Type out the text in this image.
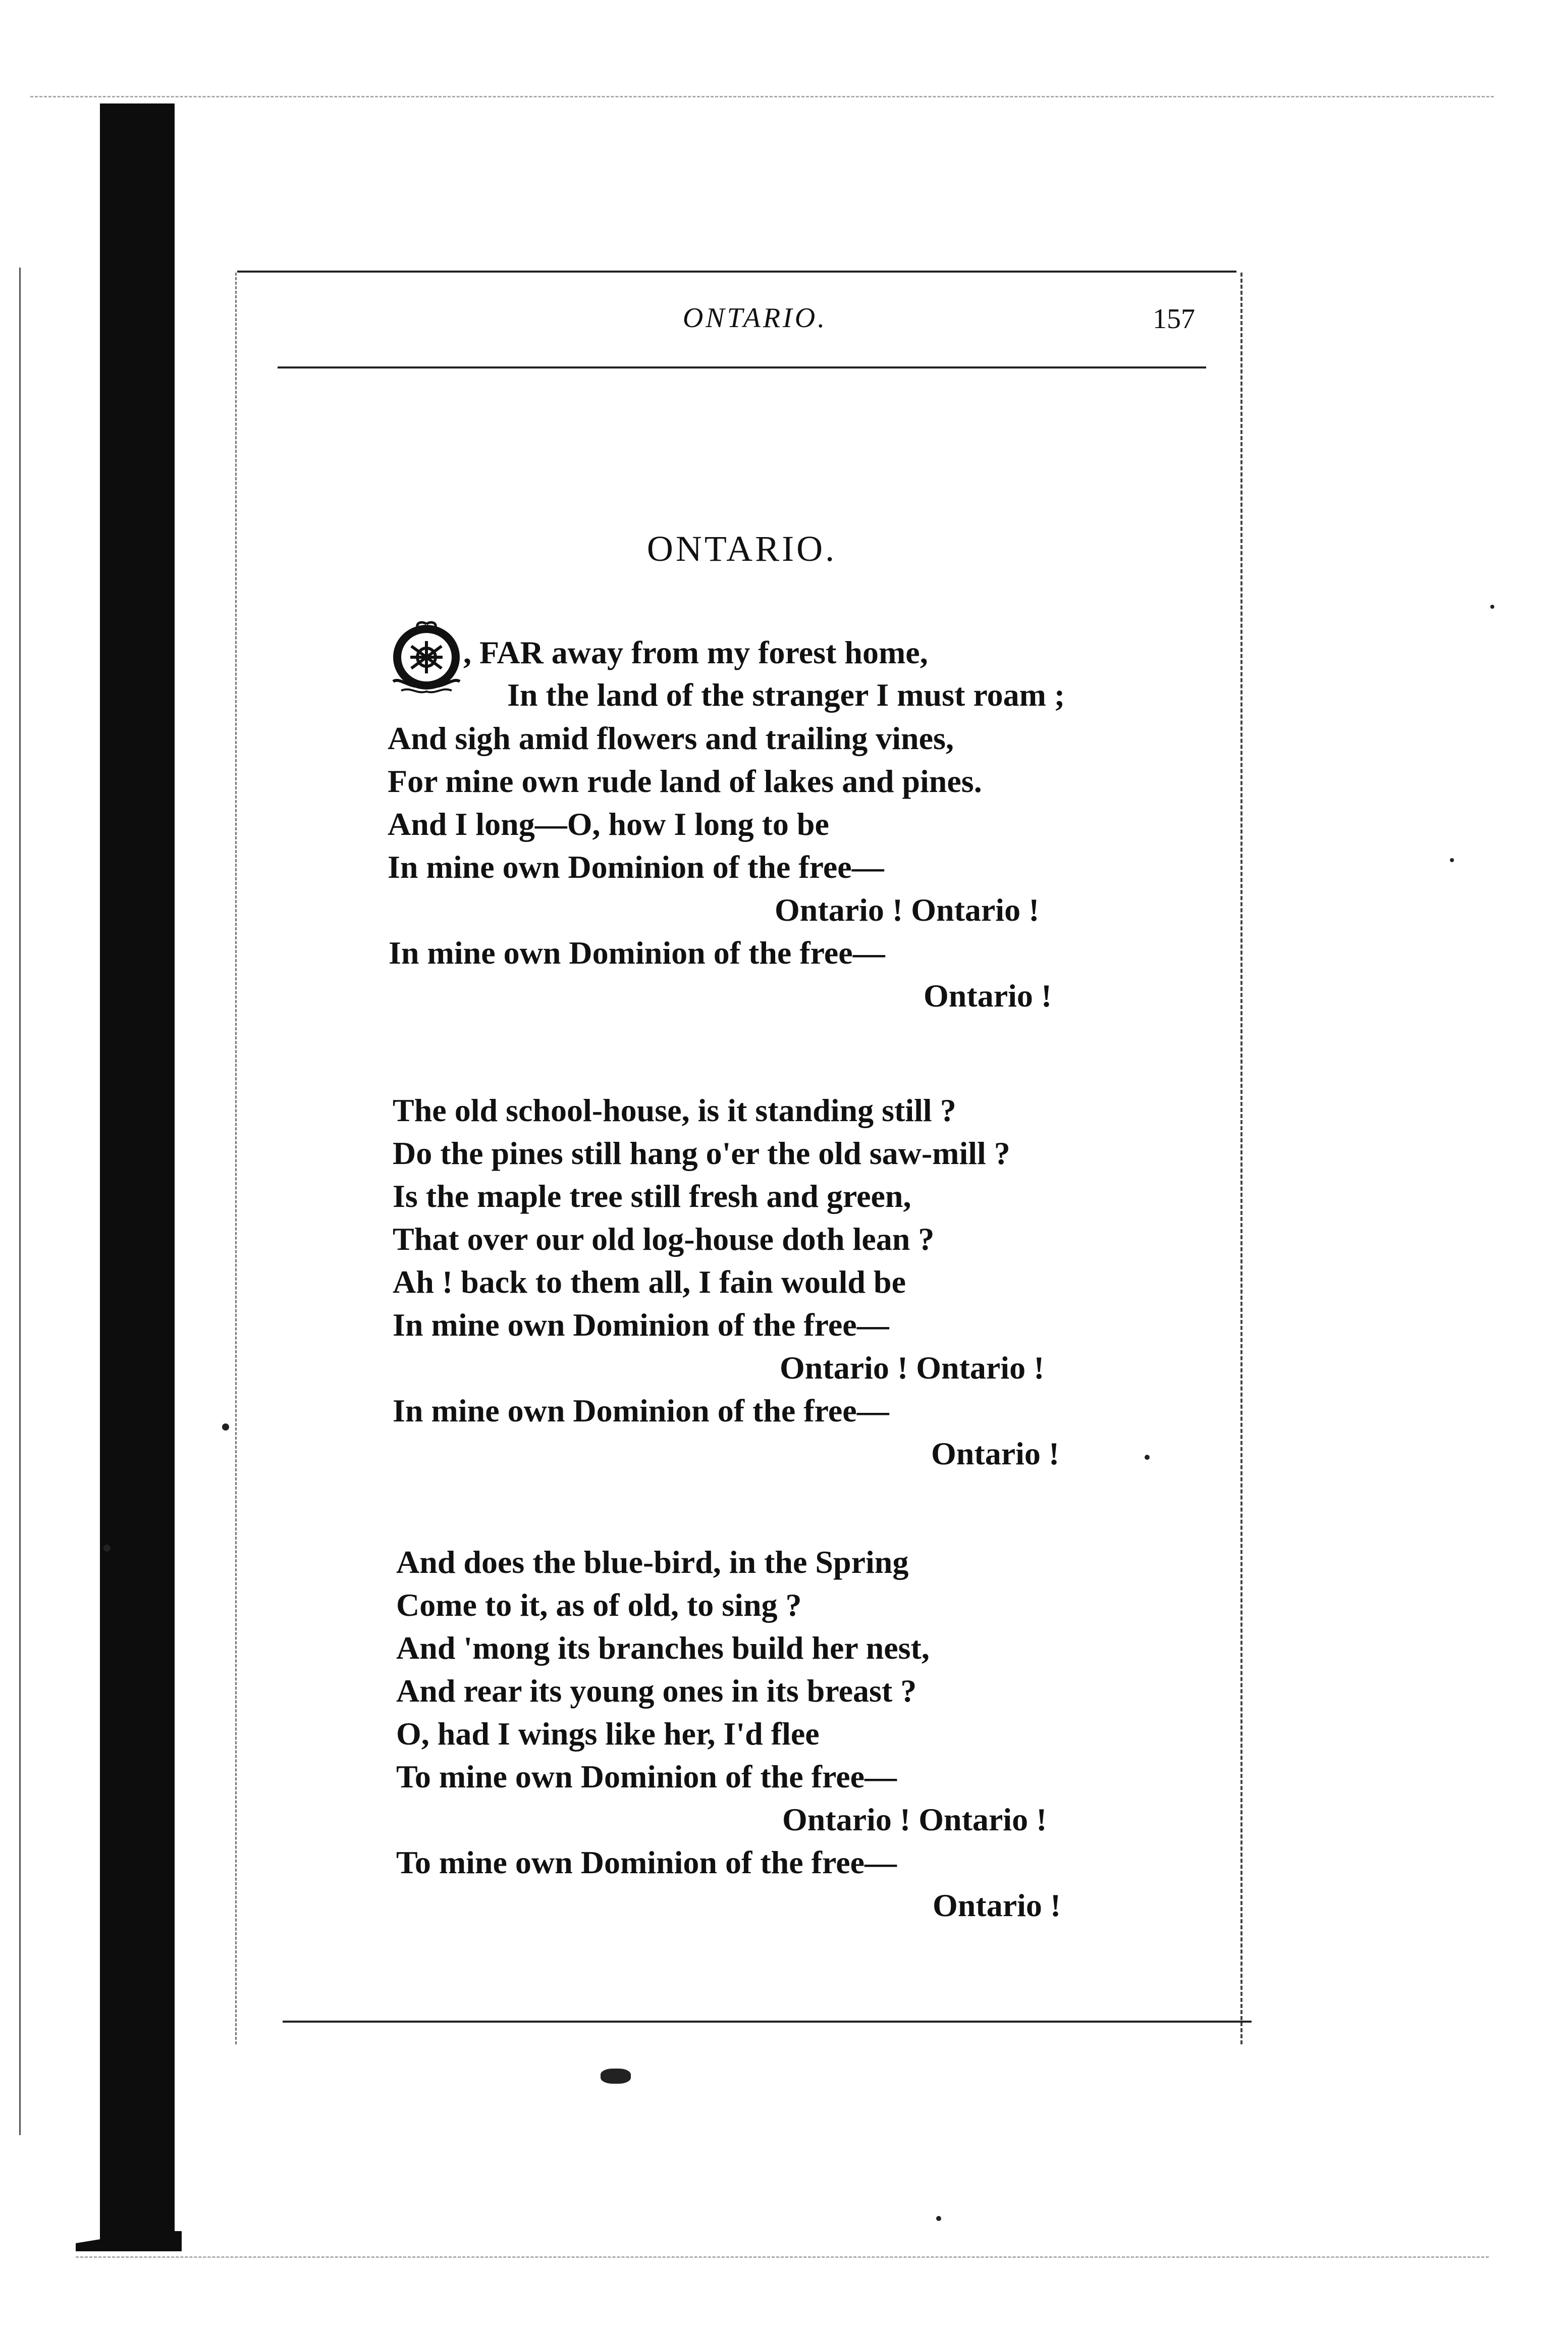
ONTARIO.	157

ONTARIO.
, FAR away from my forest home,
In the land of the stranger I must roam ;
And sigh amid flowers and trailing vines,
For mine own rude land of lakes and pines.
And I long—O, how I long to be
In mine own Dominion of the free—
Ontario ! Ontario !
In mine own Dominion of the free—
Ontario !
The old school-house, is it standing still ?
Do the pines still hang o'er the old saw-mill ?
Is the maple tree still fresh and green,
That over our old log-house doth lean ?
Ah ! back to them all, I fain would be
In mine own Dominion of the free—
Ontario ! Ontario !
In mine own Dominion of the free—
Ontario !
And does the blue-bird, in the Spring
Come to it, as of old, to sing ?
And 'mong its branches build her nest,
And rear its young ones in its breast ?
O, had I wings like her, I'd flee
To mine own Dominion of the free—
Ontario ! Ontario !
To mine own Dominion of the free—
Ontario !
